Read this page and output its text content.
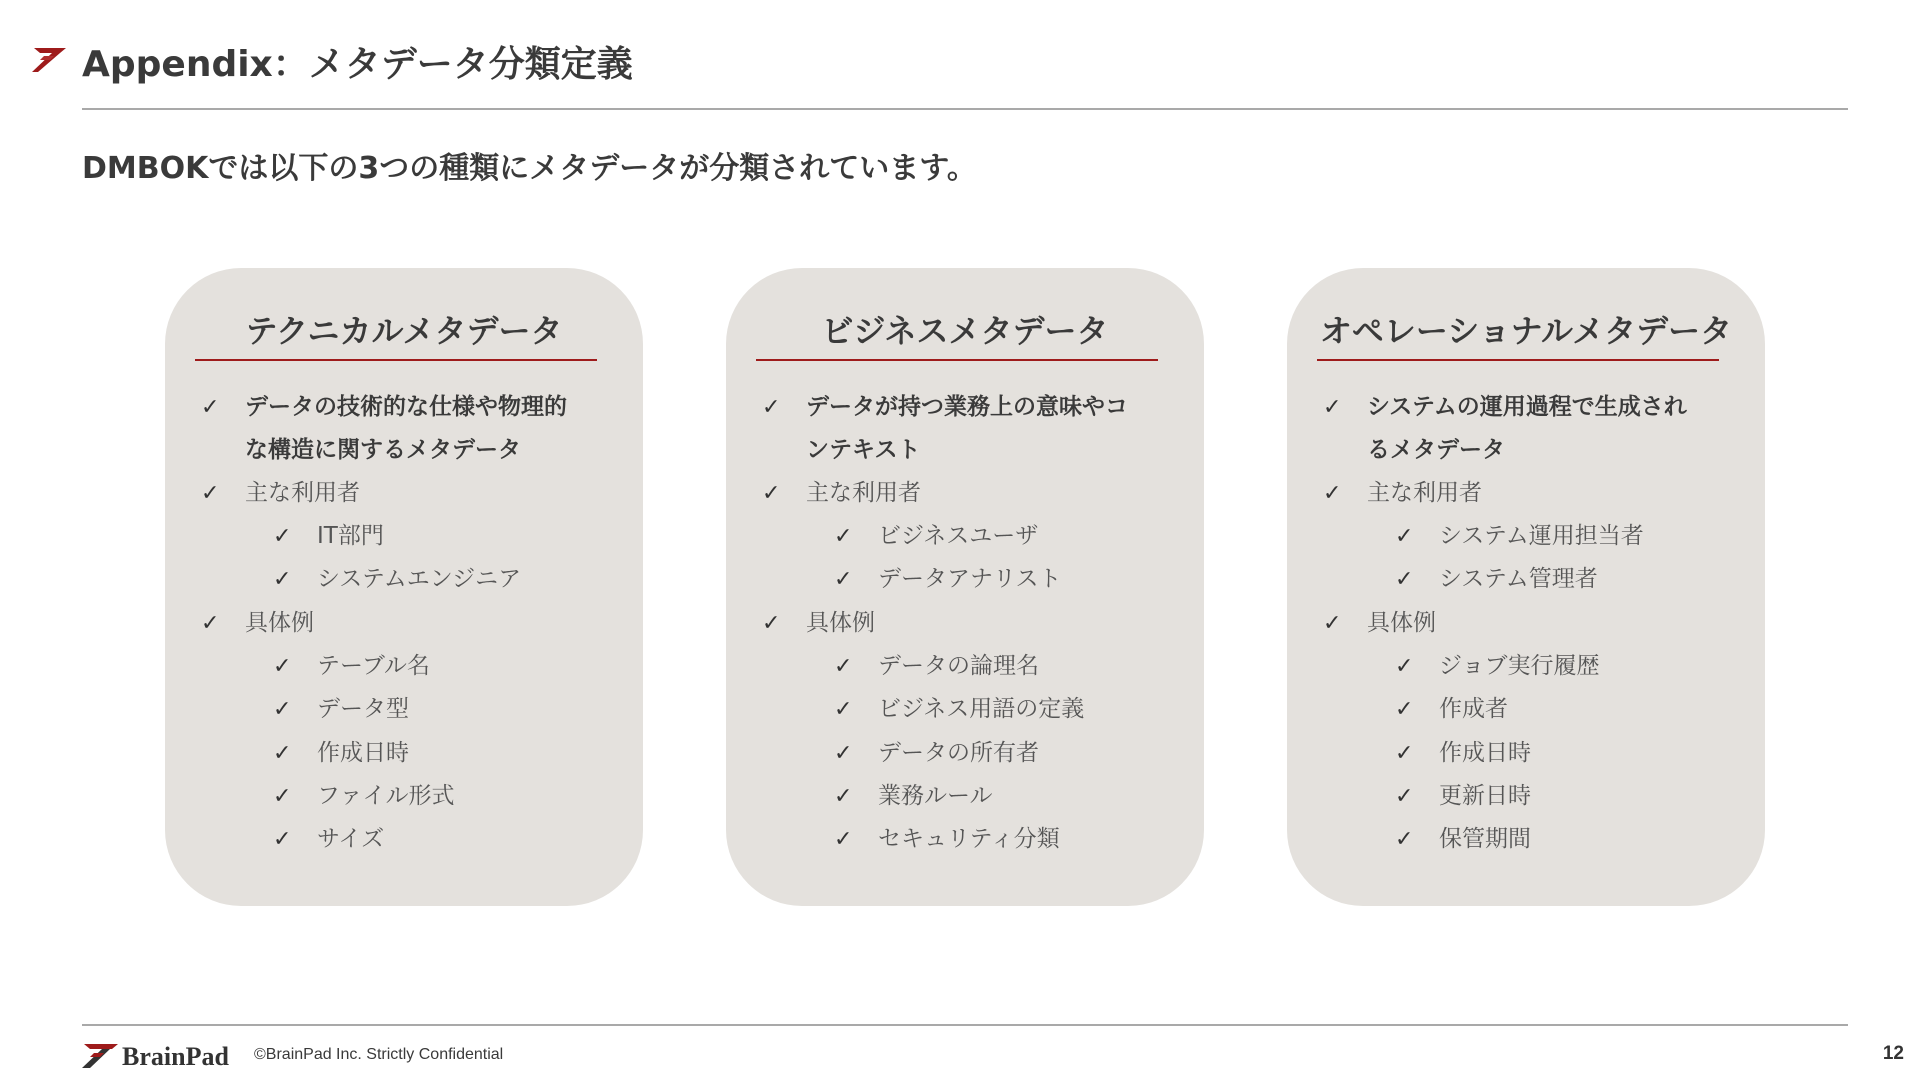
Appendix：メタデータ分類定義
DMBOKでは以下の3つの種類にメタデータが分類されています。
テクニカルメタデータ
✓ データの技術的な仕様や物理的
な構造に関するメタデータ
✓ 主な利用者
✓ IT部門
✓ システムエンジニア
✓ 具体例
✓ テーブル名
✓ データ型
✓ 作成日時
✓ ファイル形式
✓ サイズ
ビジネスメタデータ
✓ データが持つ業務上の意味やコ
ンテキスト
✓ 主な利用者
✓ ビジネスユーザ
✓ データアナリスト
✓ 具体例
✓ データの論理名
✓ ビジネス用語の定義
✓ データの所有者
✓ 業務ルール
✓ セキュリティ分類
オペレーショナルメタデータ
✓ システムの運用過程で生成され
るメタデータ
✓ 主な利用者
✓ システム運用担当者
✓ システム管理者
✓ 具体例
✓ ジョブ実行履歴
✓ 作成者
✓ 作成日時
✓ 更新日時
✓ 保管期間
BrainPad ©BrainPad Inc. Strictly Confidential	12
